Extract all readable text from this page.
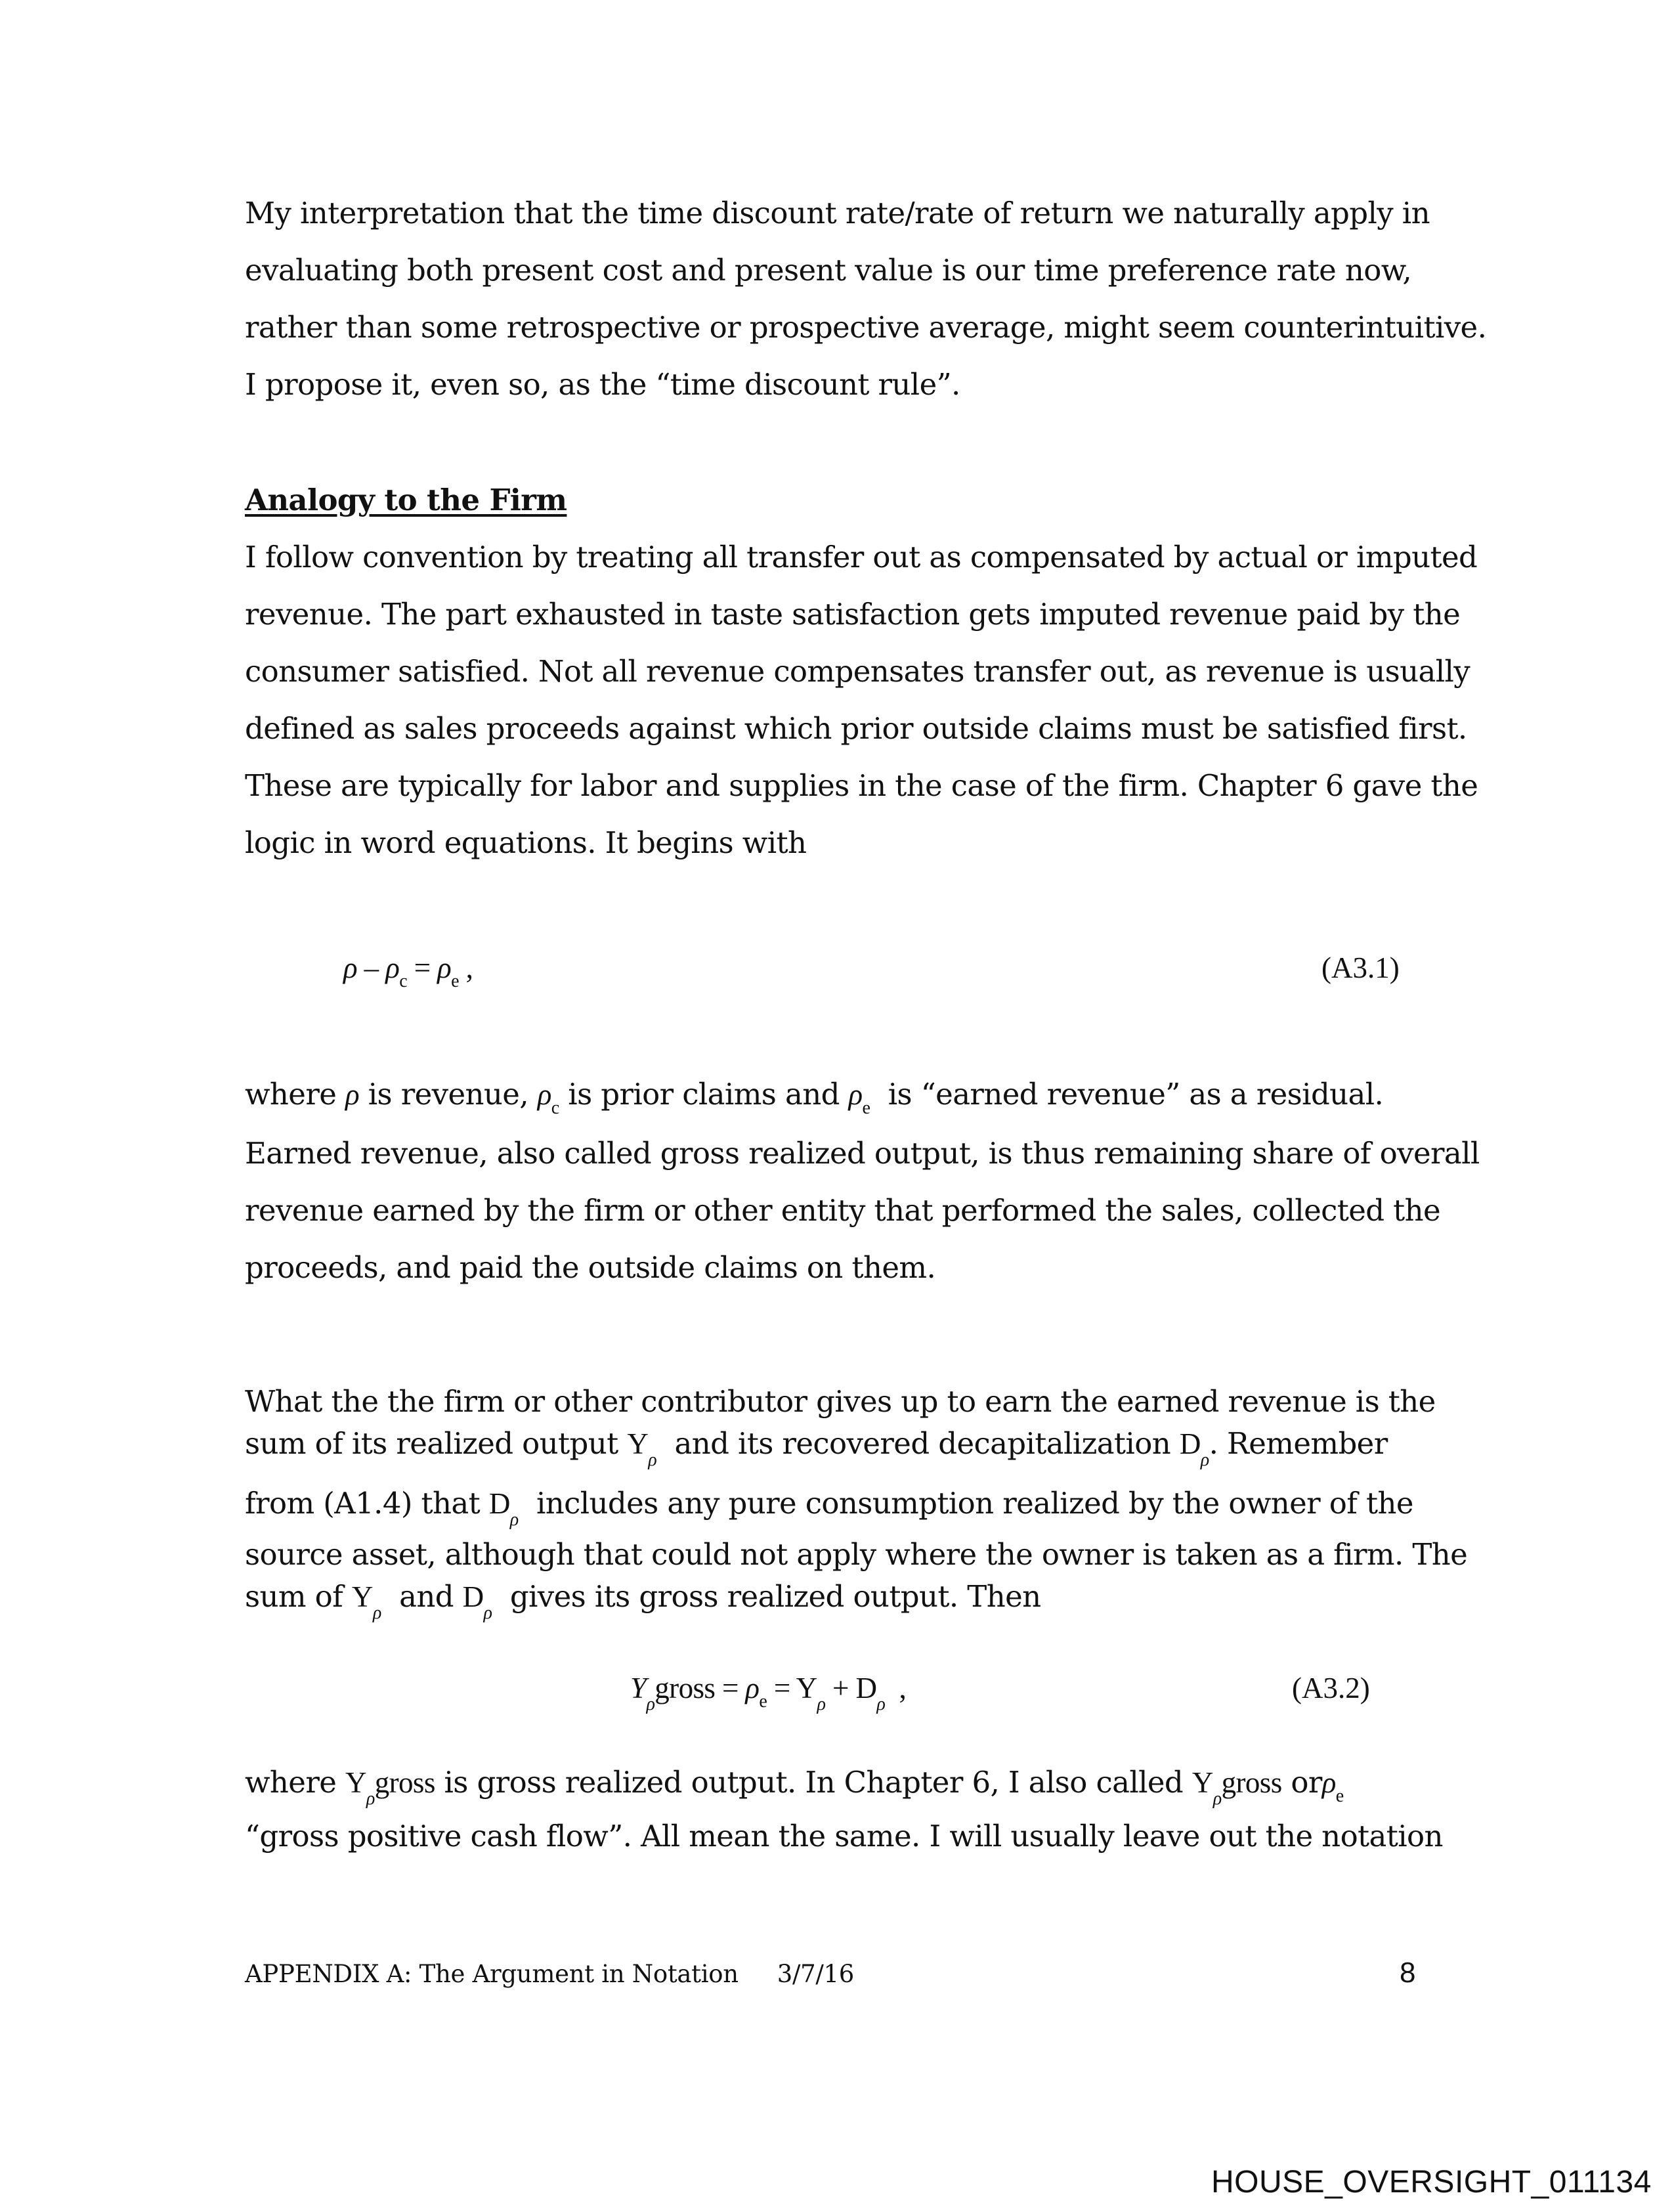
My interpretation that the time discount rate/rate of return we naturally apply in
evaluating both present cost and present value is our time preference rate now,
rather than some retrospective or prospective average, might seem counterintuitive.
I propose it, even so, as the “time discount rule”.
Analogy to the Firm
I follow convention by treating all transfer out as compensated by actual or imputed
revenue. The part exhausted in taste satisfaction gets imputed revenue paid by the
consumer satisfied. Not all revenue compensates transfer out, as revenue is usually
defined as sales proceeds against which prior outside claims must be satisfied first.
These are typically for labor and supplies in the case of the firm. Chapter 6 gave the
logic in word equations. It begins with
$\rho - \rho_c = \rho_e$ ,	(A3.1)
where ρ is revenue, $\rho_c$ is prior claims and $\rho_e$ is “earned revenue” as a residual.
Earned revenue, also called gross realized output, is thus remaining share of overall
revenue earned by the firm or other entity that performed the sales, collected the
proceeds, and paid the outside claims on them.
What the the firm or other contributor gives up to earn the earned revenue is the
sum of its realized output $Y_\rho$ and its recovered decapitalization $D_\rho$. Remember
from (A1.4) that $D_\rho$ includes any pure consumption realized by the owner of the
source asset, although that could not apply where the owner is taken as a firm. The
sum of $Y_\rho$ and $D_\rho$ gives its gross realized output. Then
$Y_\rho gross = \rho_e = Y_\rho + D_\rho$ ,	(A3.2)
where $Y_\rho gross$ is gross realized output. In Chapter 6, I also called $Y_\rho gross$ orρ$_e$
“gross positive cash flow”. All mean the same. I will usually leave out the notation
APPENDIX A: The Argument in Notation 3/7/16	8
HOUSE_OVERSIGHT_011134
